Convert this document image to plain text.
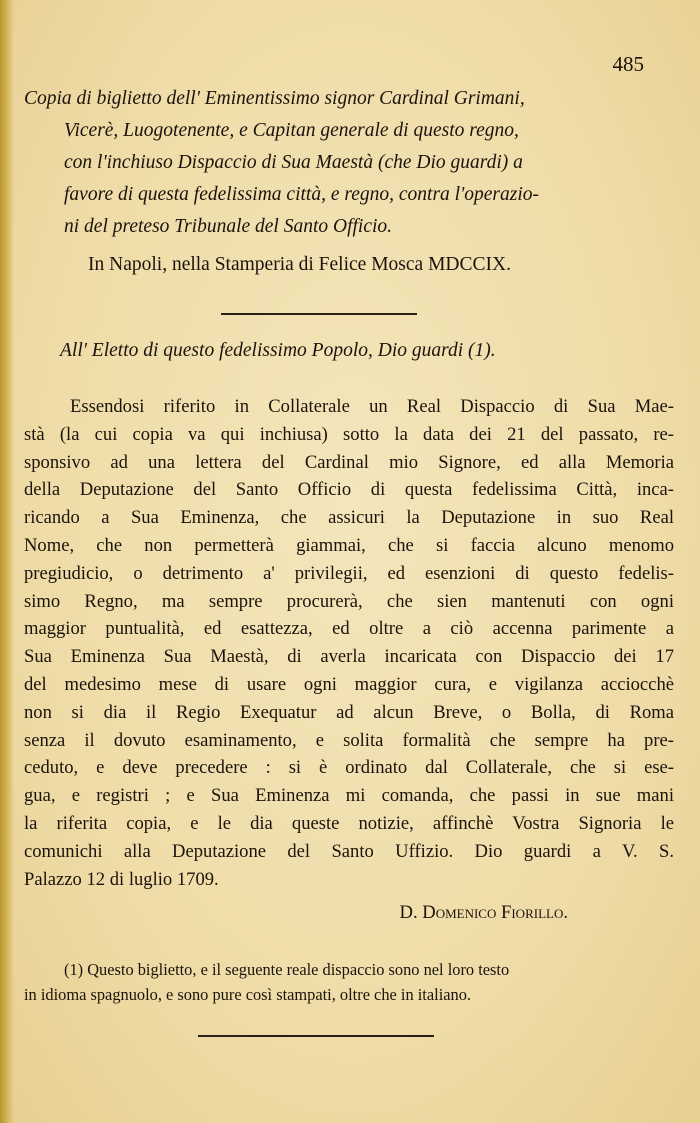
485
Copia di biglietto dell' Eminentissimo signor Cardinal Grimani,
Vicerè, Luogotenente, e Capitan generale di questo regno,
con l'inchiuso Dispaccio di Sua Maestà (che Dio guardi) a
favore di questa fedelissima città, e regno, contra l'operazio-
ni del preteso Tribunale del Santo Officio.
In Napoli, nella Stamperia di Felice Mosca MDCCIX.
All' Eletto di questo fedelissimo Popolo, Dio guardi (1).
Essendosi riferito in Collaterale un Real Dispaccio di Sua Mae-
stà (la cui copia va qui inchiusa) sotto la data dei 21 del passato, re-
sponsivo ad una lettera del Cardinal mio Signore, ed alla Memoria
della Deputazione del Santo Officio di questa fedelissima Città, inca-
ricando a Sua Eminenza, che assicuri la Deputazione in suo Real
Nome, che non permetterà giammai, che si faccia alcuno menomo
pregiudicio, o detrimento a' privilegii, ed esenzioni di questo fedelis-
simo Regno, ma sempre procurerà, che sien mantenuti con ogni
maggior puntualità, ed esattezza, ed oltre a ciò accenna parimente a
Sua Eminenza Sua Maestà, di averla incaricata con Dispaccio dei 17
del medesimo mese di usare ogni maggior cura, e vigilanza acciocchè
non si dia il Regio Exequatur ad alcun Breve, o Bolla, di Roma
senza il dovuto esaminamento, e solita formalità che sempre ha pre-
ceduto, e deve precedere : si è ordinato dal Collaterale, che si ese-
gua, e registri ; e Sua Eminenza mi comanda, che passi in sue mani
la riferita copia, e le dia queste notizie, affinchè Vostra Signoria le
comunichi alla Deputazione del Santo Uffizio. Dio guardi a V. S.
Palazzo 12 di luglio 1709.
D. Domenico Fiorillo.
(1) Questo biglietto, e il seguente reale dispaccio sono nel loro testo
in idioma spagnuolo, e sono pure così stampati, oltre che in italiano.
